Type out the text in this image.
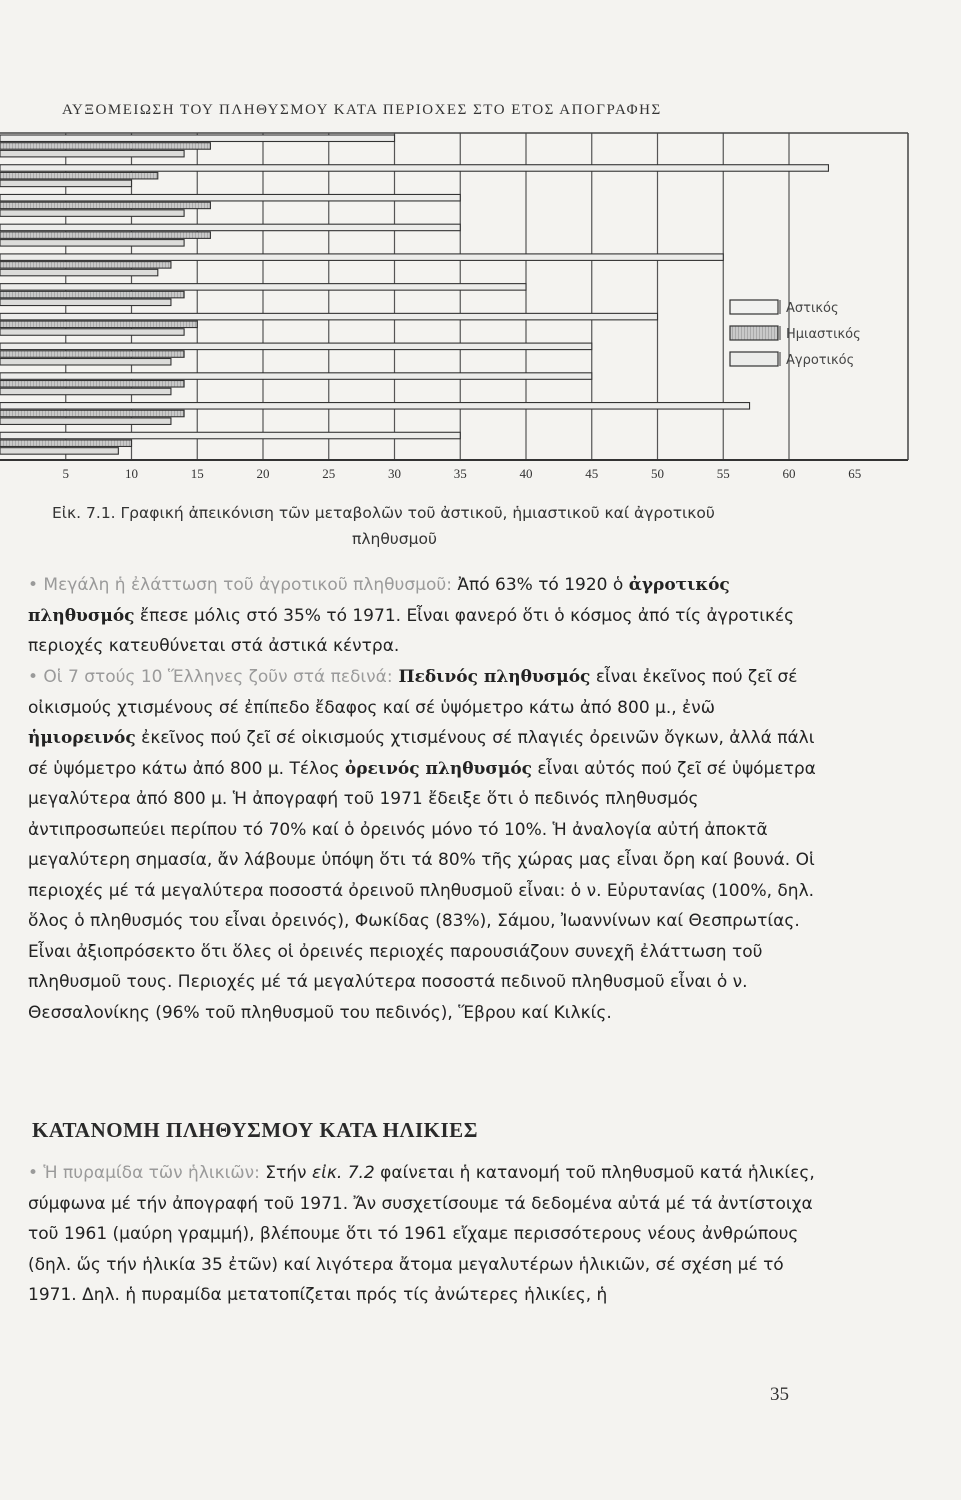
ΑΥΞΟΜΕΙΩΣΗ ΤΟΥ ΠΛΗΘΥΣΜΟΥ ΚΑΤΑ ΠΕΡΙΟΧΕΣ ΣΤΟ ΕΤΟΣ ΑΠΟΓΡΑΦΗΣ
5	10	15	20	25	30	35	40	45	50	55	60	65
Αστικός
Ημιαστικός
Αγροτικός
Εἰκ. 7.1. Γραφική ἀπεικόνιση τῶν μεταβολῶν τοῦ ἀστικοῦ, ἡμιαστικοῦ καί ἀγροτικοῦ
πληθυσμοῦ
• Μεγάλη ἡ ἐλάττωση τοῦ ἀγροτικοῦ πληθυσμοῦ: Ἀπό 63% τό 1920 ὁ ἀγροτικός πληθυσμός ἔπεσε μόλις στό 35% τό 1971. Εἶναι φανερό ὅτι ὁ κόσμος ἀπό τίς ἀγροτικές περιοχές κατευθύνεται στά ἀστικά κέντρα.
• Οἱ 7 στούς 10 Ἕλληνες ζοῦν στά πεδινά: Πεδινός πληθυσμός εἶναι ἐκεῖνος πού ζεῖ σέ οἰκισμούς χτισμένους σέ ἐπίπεδο ἔδαφος καί σέ ὑψόμετρο κάτω ἀπό 800 μ., ἐνῶ ἡμιορεινός ἐκεῖνος πού ζεῖ σέ οἰκισμούς χτισμένους σέ πλαγιές ὀρεινῶν ὄγκων, ἀλλά πάλι σέ ὑψόμετρο κάτω ἀπό 800 μ. Τέλος ὀρεινός πληθυσμός εἶναι αὐτός πού ζεῖ σέ ὑψόμετρα μεγαλύτερα ἀπό 800 μ. Ἡ ἀπογραφή τοῦ 1971 ἔδειξε ὅτι ὁ πεδινός πληθυσμός ἀντιπροσωπεύει περίπου τό 70% καί ὁ ὀρεινός μόνο τό 10%. Ἡ ἀναλογία αὐτή ἀποκτᾶ μεγαλύτερη σημασία, ἄν λάβουμε ὑπόψη ὅτι τά 80% τῆς χώρας μας εἶναι ὄρη καί βουνά. Οἱ περιοχές μέ τά μεγαλύτερα ποσοστά ὀρεινοῦ πληθυσμοῦ εἶναι: ὁ ν. Εὐρυτανίας (100%, δηλ. ὅλος ὁ πληθυσμός του εἶναι ὀρεινός), Φωκίδας (83%), Σάμου, Ἰωαννίνων καί Θεσπρωτίας. Εἶναι ἀξιοπρόσεκτο ὅτι ὅλες οἱ ὀρεινές περιοχές παρουσιάζουν συνεχῆ ἐλάττωση τοῦ πληθυσμοῦ τους. Περιοχές μέ τά μεγαλύτερα ποσοστά πεδινοῦ πληθυσμοῦ εἶναι ὁ ν. Θεσσαλονίκης (96% τοῦ πληθυσμοῦ του πεδινός), Ἕβρου καί Κιλκίς.
ΚΑΤΑΝΟΜΗ ΠΛΗΘΥΣΜΟΥ ΚΑΤΑ ΗΛΙΚΙΕΣ
• Ἡ πυραμίδα τῶν ἡλικιῶν: Στήν εἰκ. 7.2 φαίνεται ἡ κατανομή τοῦ πληθυσμοῦ κατά ἡλικίες, σύμφωνα μέ τήν ἀπογραφή τοῦ 1971. Ἄν συσχετίσουμε τά δεδομένα αὐτά μέ τά ἀντίστοιχα τοῦ 1961 (μαύρη γραμμή), βλέπουμε ὅτι τό 1961 εἴχαμε περισσότερους νέους ἀνθρώπους (δηλ. ὥς τήν ἡλικία 35 ἐτῶν) καί λιγότερα ἄτομα μεγαλυτέρων ἡλικιῶν, σέ σχέση μέ τό 1971. Δηλ. ἡ πυραμίδα μετατοπίζεται πρός τίς ἀνώτερες ἡλικίες, ἡ
35
